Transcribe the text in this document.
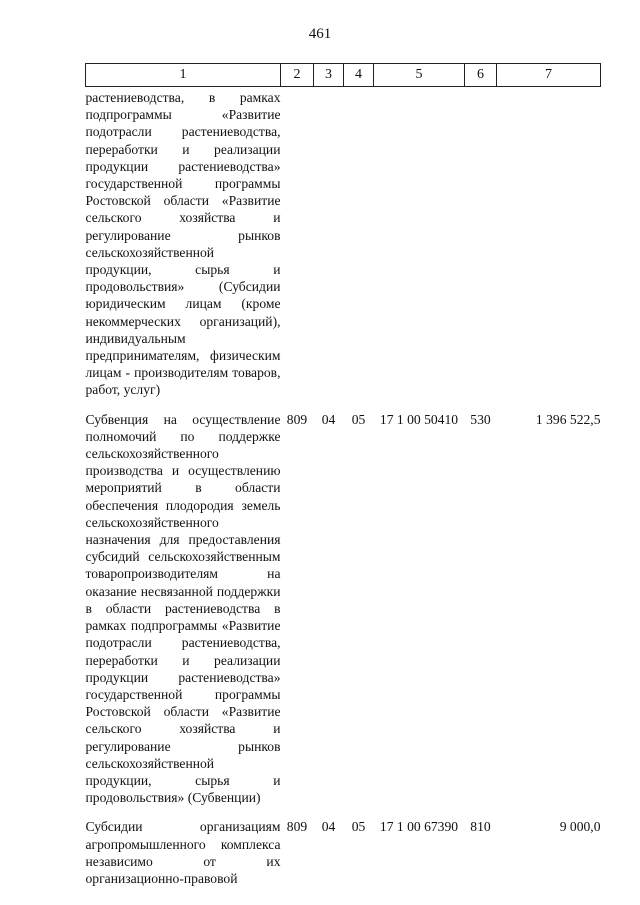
461
1	2	3	4	5	6	7
растениеводства, в рамках подпрограммы «Развитие подотрасли растениеводства, переработки и реализации продукции растениеводства» государственной программы Ростовской области «Развитие сельского хозяйства и регулирование рынков сельскохозяйственной продукции, сырья и продовольствия» (Субсидии юридическим лицам (кроме некоммерческих организаций), индивидуальным предпринимателям, физическим лицам - производителям товаров, работ, услуг)						
Субвенция на осуществление полномочий по поддержке сельскохозяйственного производства и осуществлению мероприятий в области обеспечения плодородия земель сельскохозяйственного назначения для предоставления субсидий сельскохозяйственным товаропроизводителям на оказание несвязанной поддержки в области растениеводства в рамках подпрограммы «Развитие подотрасли растениеводства, переработки и реализации продукции растениеводства» государственной программы Ростовской области «Развитие сельского хозяйства и регулирование рынков сельскохозяйственной продукции, сырья и продовольствия» (Субвенции)	809	04	05	17 1 00 50410	530	1 396 522,5
Субсидии организациям агропромышленного комплекса независимо от их организационно-правовой	809	04	05	17 1 00 67390	810	9 000,0
